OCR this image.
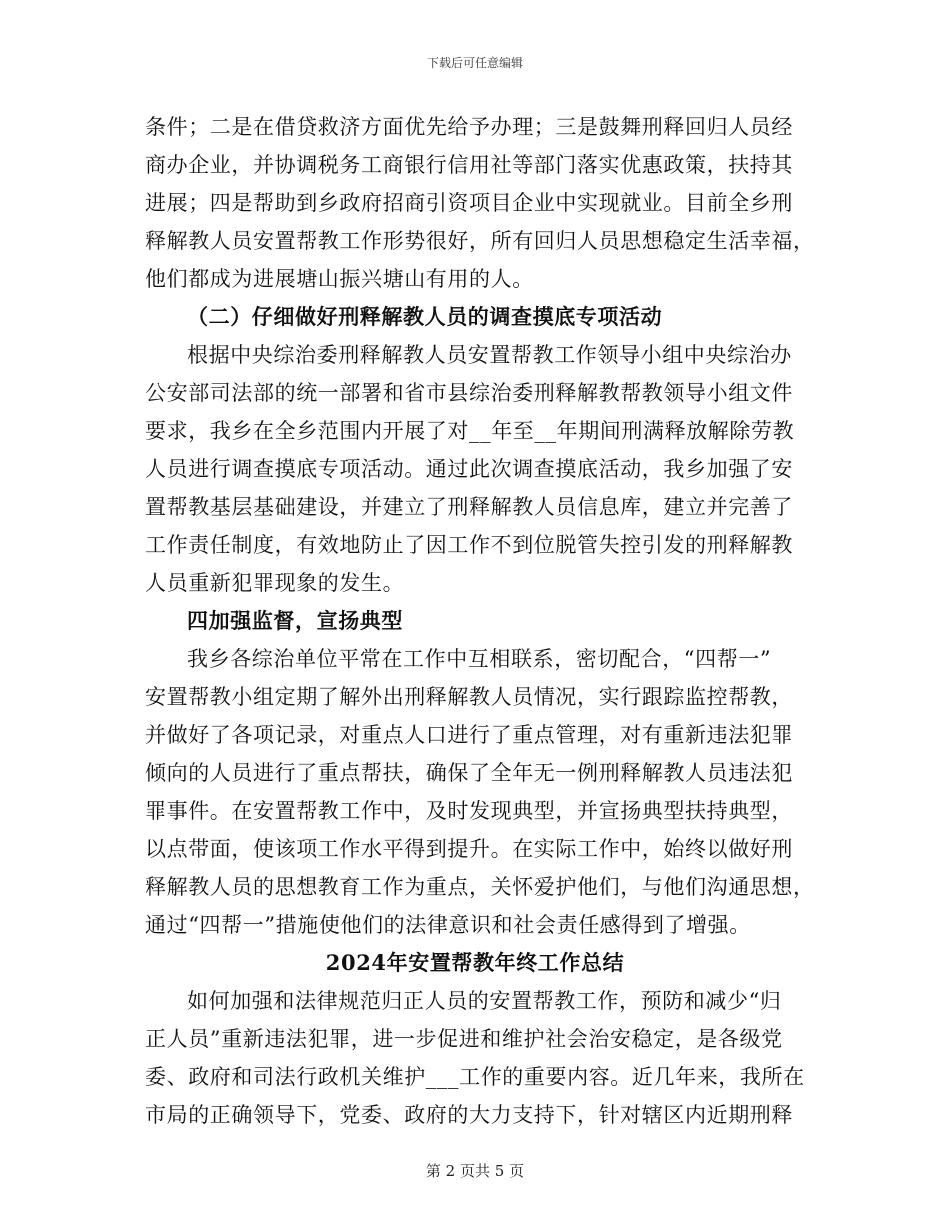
下载后可任意编辑
条件；二是在借贷救济方面优先给予办理；三是鼓舞刑释回归人员经
商办企业，并协调税务工商银行信用社等部门落实优惠政策，扶持其
进展；四是帮助到乡政府招商引资项目企业中实现就业。目前全乡刑
释解教人员安置帮教工作形势很好，所有回归人员思想稳定生活幸福，
他们都成为进展塘山振兴塘山有用的人。
（二）仔细做好刑释解教人员的调查摸底专项活动
根据中央综治委刑释解教人员安置帮教工作领导小组中央综治办
公安部司法部的统一部署和省市县综治委刑释解教帮教领导小组文件
要求，我乡在全乡范围内开展了对__年至__年期间刑满释放解除劳教
人员进行调查摸底专项活动。通过此次调查摸底活动，我乡加强了安
置帮教基层基础建设，并建立了刑释解教人员信息库，建立并完善了
工作责任制度，有效地防止了因工作不到位脱管失控引发的刑释解教
人员重新犯罪现象的发生。
四加强监督，宣扬典型
我乡各综治单位平常在工作中互相联系，密切配合，“四帮一”
安置帮教小组定期了解外出刑释解教人员情况，实行跟踪监控帮教，
并做好了各项记录，对重点人口进行了重点管理，对有重新违法犯罪
倾向的人员进行了重点帮扶，确保了全年无一例刑释解教人员违法犯
罪事件。在安置帮教工作中，及时发现典型，并宣扬典型扶持典型，
以点带面，使该项工作水平得到提升。在实际工作中，始终以做好刑
释解教人员的思想教育工作为重点，关怀爱护他们，与他们沟通思想，
通过“四帮一”措施使他们的法律意识和社会责任感得到了增强。
2024年安置帮教年终工作总结
如何加强和法律规范归正人员的安置帮教工作，预防和减少“归
正人员”重新违法犯罪，进一步促进和维护社会治安稳定，是各级党
委、政府和司法行政机关维护___工作的重要内容。近几年来，我所在
市局的正确领导下，党委、政府的大力支持下，针对辖区内近期刑释
第 2 页共 5 页
